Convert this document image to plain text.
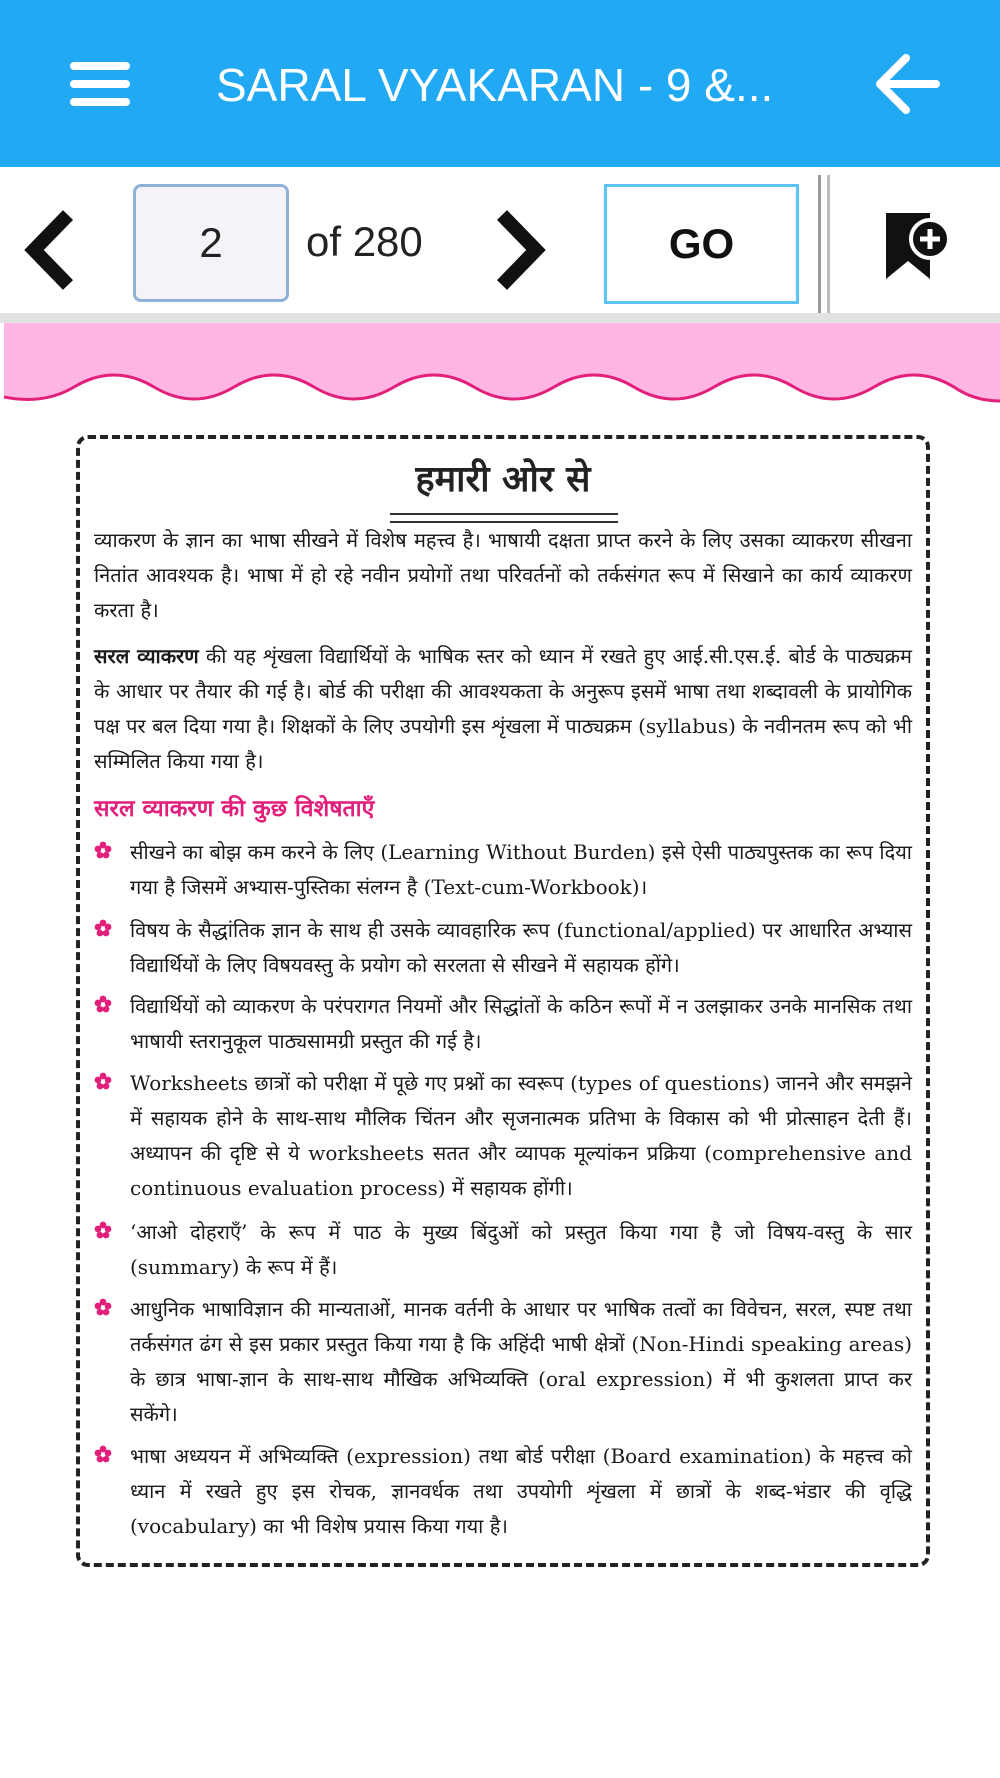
SARAL VYAKARAN - 9 &...
2
of 280	GO
हमारी ओर से
व्याकरण के ज्ञान का भाषा सीखने में विशेष महत्त्व है। भाषायी दक्षता प्राप्त करने के लिए उसका व्याकरण सीखना नितांत आवश्यक है। भाषा में हो रहे नवीन प्रयोगों तथा परिवर्तनों को तर्कसंगत रूप में सिखाने का कार्य व्याकरण करता है।
सरल व्याकरण की यह शृंखला विद्यार्थियों के भाषिक स्तर को ध्यान में रखते हुए आई.सी.एस.ई. बोर्ड के पाठ्यक्रम के आधार पर तैयार की गई है। बोर्ड की परीक्षा की आवश्यकता के अनुरूप इसमें भाषा तथा शब्दावली के प्रायोगिक पक्ष पर बल दिया गया है। शिक्षकों के लिए उपयोगी इस शृंखला में पाठ्यक्रम (syllabus) के नवीनतम रूप को भी सम्मिलित किया गया है।
सरल व्याकरण की कुछ विशेषताएँ
सीखने का बोझ कम करने के लिए (Learning Without Burden) इसे ऐसी पाठ्यपुस्तक का रूप दिया गया है जिसमें अभ्यास-पुस्तिका संलग्न है (Text-cum-Workbook)।
विषय के सैद्धांतिक ज्ञान के साथ ही उसके व्यावहारिक रूप (functional/applied) पर आधारित अभ्यास विद्यार्थियों के लिए विषयवस्तु के प्रयोग को सरलता से सीखने में सहायक होंगे।
विद्यार्थियों को व्याकरण के परंपरागत नियमों और सिद्धांतों के कठिन रूपों में न उलझाकर उनके मानसिक तथा भाषायी स्तरानुकूल पाठ्यसामग्री प्रस्तुत की गई है।
Worksheets छात्रों को परीक्षा में पूछे गए प्रश्नों का स्वरूप (types of questions) जानने और समझने में सहायक होने के साथ-साथ मौलिक चिंतन और सृजनात्मक प्रतिभा के विकास को भी प्रोत्साहन देती हैं। अध्यापन की दृष्टि से ये worksheets सतत और व्यापक मूल्यांकन प्रक्रिया (comprehensive and continuous evaluation process) में सहायक होंगी।
‘आओ दोहराएँ’ के रूप में पाठ के मुख्य बिंदुओं को प्रस्तुत किया गया है जो विषय-वस्तु के सार (summary) के रूप में हैं।
आधुनिक भाषाविज्ञान की मान्यताओं, मानक वर्तनी के आधार पर भाषिक तत्वों का विवेचन, सरल, स्पष्ट तथा तर्कसंगत ढंग से इस प्रकार प्रस्तुत किया गया है कि अहिंदी भाषी क्षेत्रों (Non-Hindi speaking areas) के छात्र भाषा-ज्ञान के साथ-साथ मौखिक अभिव्यक्ति (oral expression) में भी कुशलता प्राप्त कर सकेंगे।
भाषा अध्ययन में अभिव्यक्ति (expression) तथा बोर्ड परीक्षा (Board examination) के महत्त्व को ध्यान में रखते हुए इस रोचक, ज्ञानवर्धक तथा उपयोगी शृंखला में छात्रों के शब्द-भंडार की वृद्धि (vocabulary) का भी विशेष प्रयास किया गया है।
